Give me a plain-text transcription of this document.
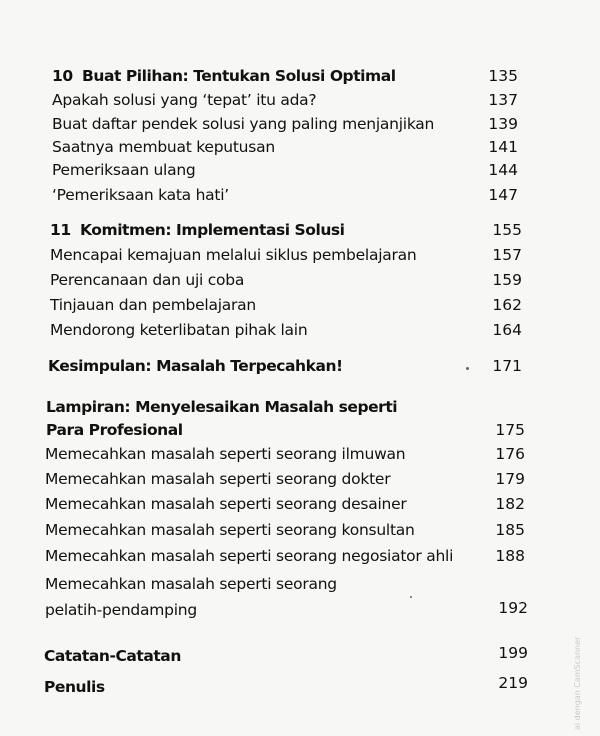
10 Buat Pilihan: Tentukan Solusi Optimal	135
Apakah solusi yang ‘tepat’ itu ada?	137
Buat daftar pendek solusi yang paling menjanjikan	139
Saatnya membuat keputusan	141
Pemeriksaan ulang	144
‘Pemeriksaan kata hati’	147
11 Komitmen: Implementasi Solusi	155
Mencapai kemajuan melalui siklus pembelajaran	157
Perencanaan dan uji coba	159
Tinjauan dan pembelajaran	162
Mendorong keterlibatan pihak lain	164
Kesimpulan: Masalah Terpecahkan!	171
Lampiran: Menyelesaikan Masalah seperti
Para Profesional	175
Memecahkan masalah seperti seorang ilmuwan	176
Memecahkan masalah seperti seorang dokter	179
Memecahkan masalah seperti seorang desainer	182
Memecahkan masalah seperti seorang konsultan	185
Memecahkan masalah seperti seorang negosiator ahli	188
Memecahkan masalah seperti seorang
pelatih-pendamping	192
Catatan-Catatan	199
Penulis	219	ai dengan CamScanner
